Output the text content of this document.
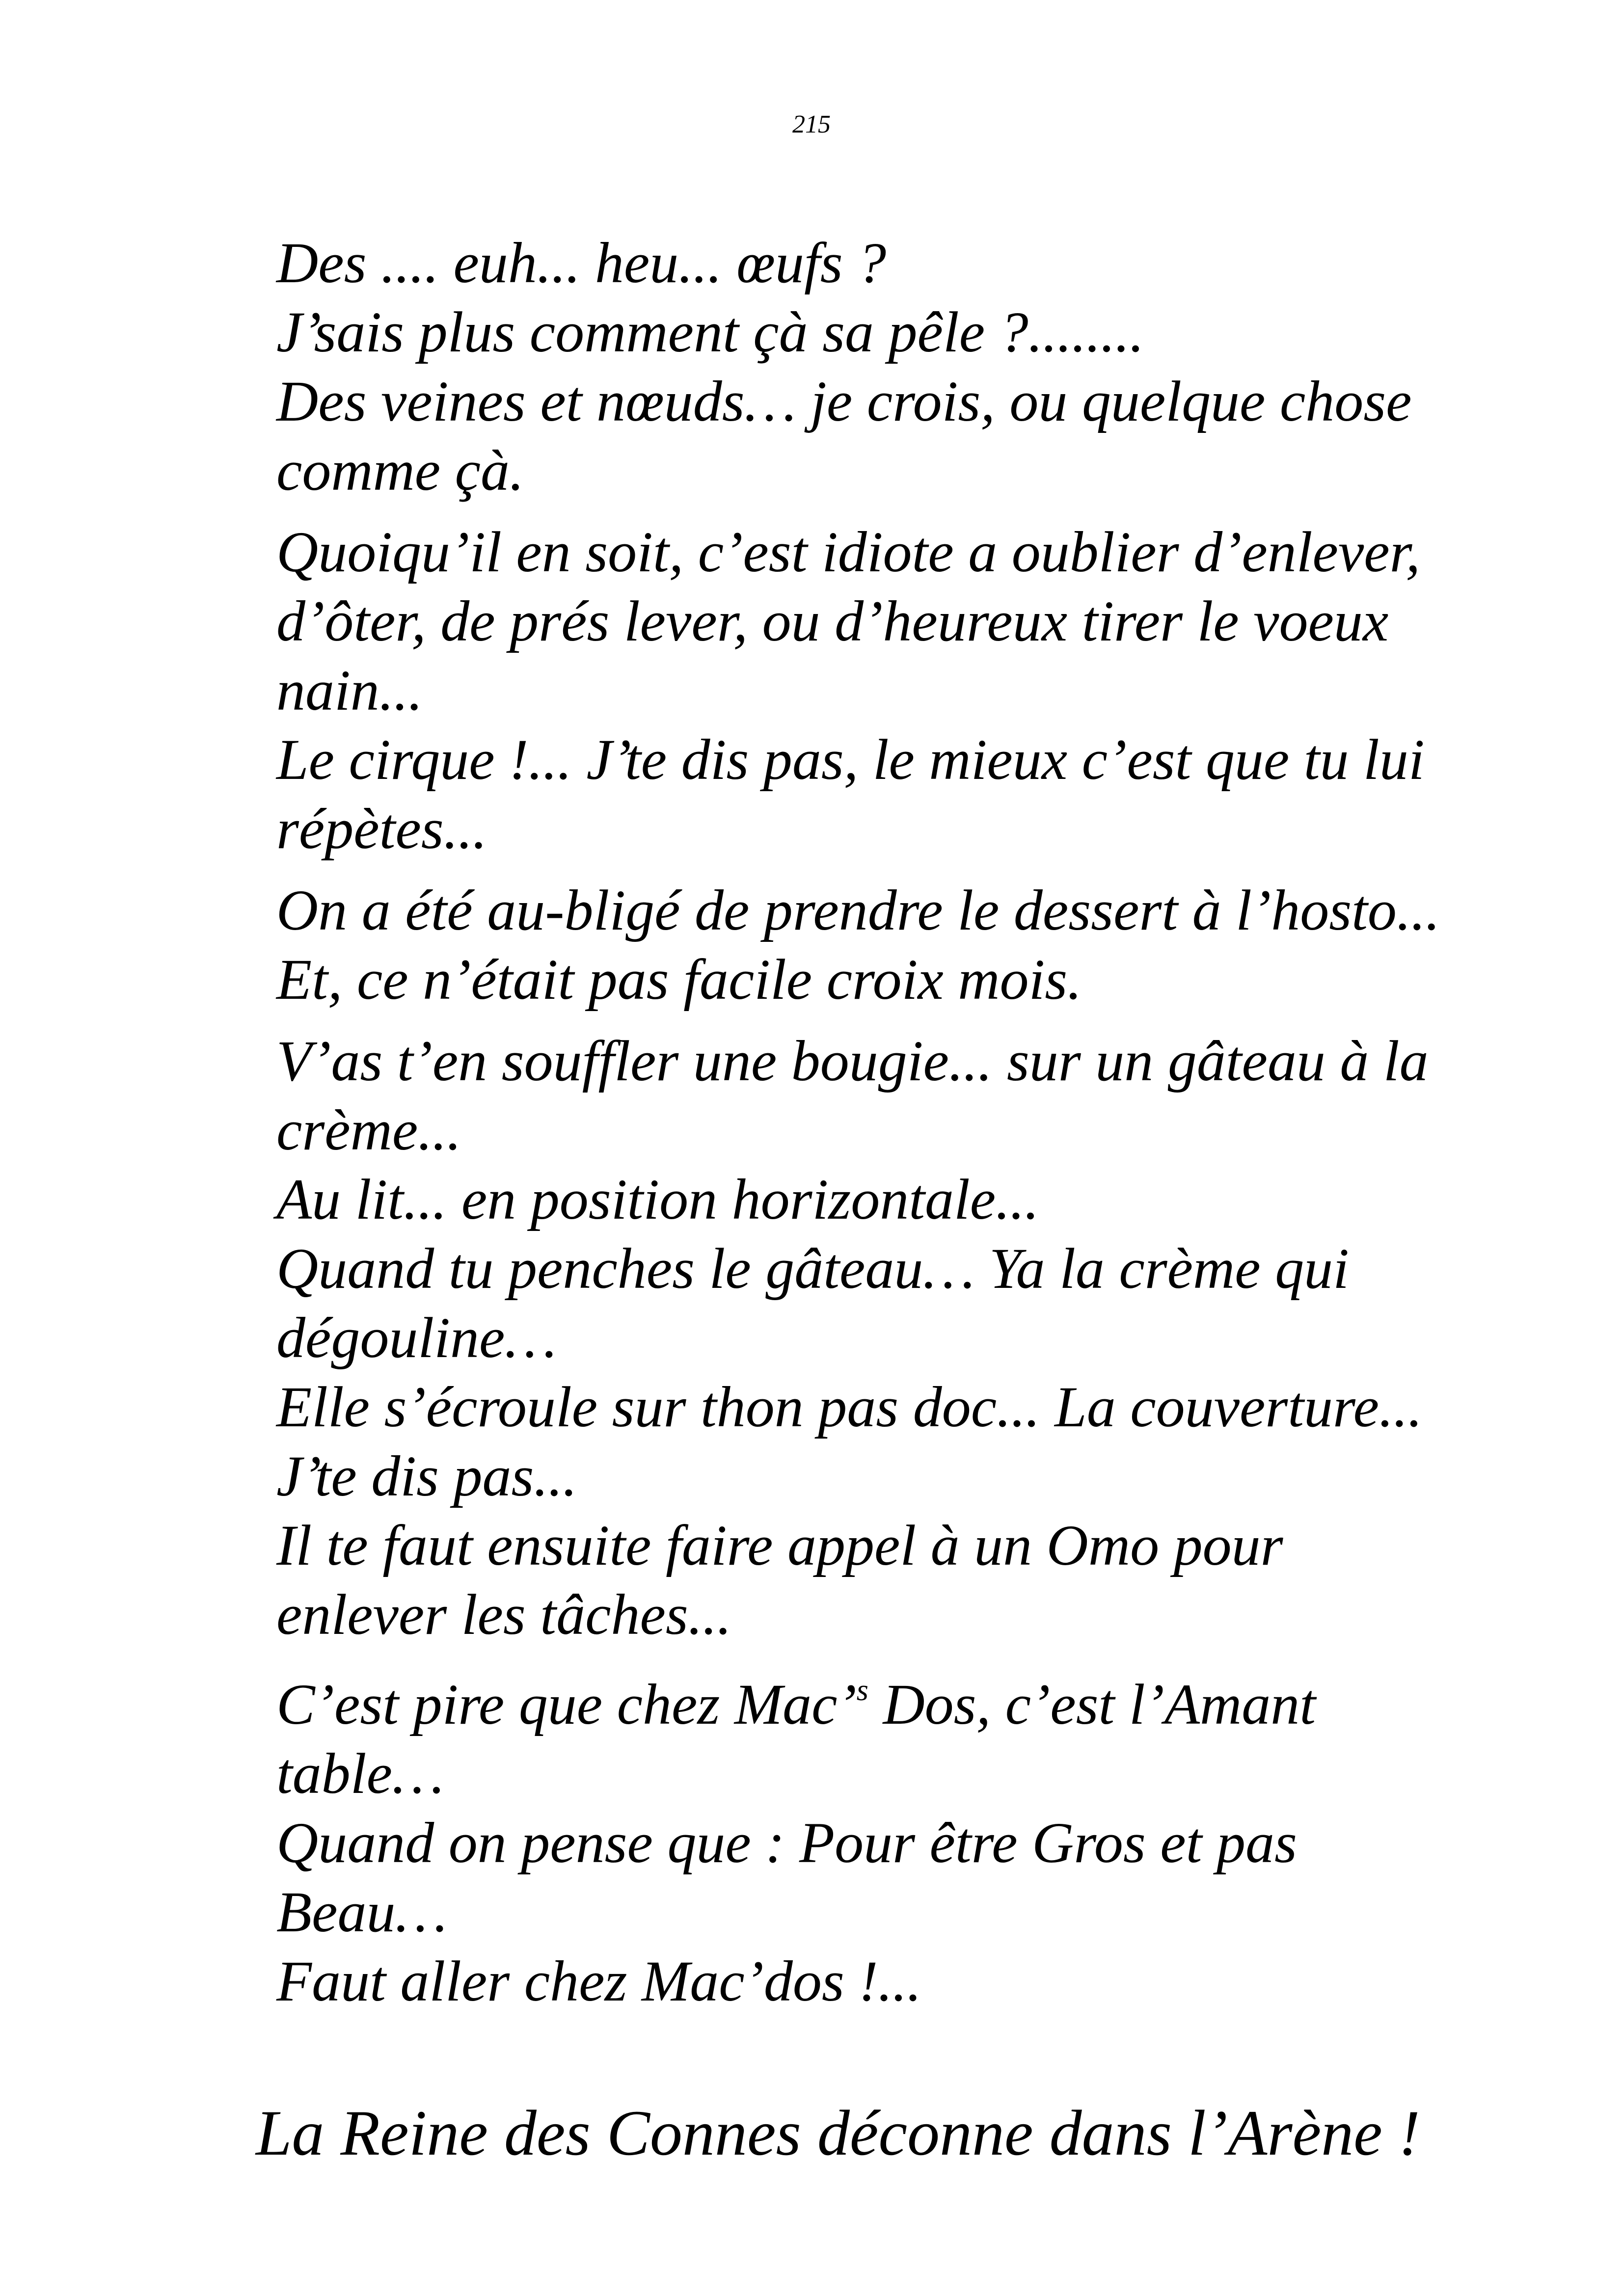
215

Des .... euh... heu... œufs ?
J’sais plus comment çà sa pêle ?........
Des veines et nœuds… je crois, ou quelque chose
comme çà.

Quoiqu’il en soit, c’est idiote a oublier d’enlever,
d’ôter, de prés lever, ou d’heureux tirer le voeux
nain...
Le cirque !... J’te dis pas, le mieux c’est que tu lui
répètes...

On a été au-bligé de prendre le dessert à l’hosto...
Et, ce n’était pas facile croix mois.

V’as t’en souffler une bougie... sur un gâteau à la
crème...
Au lit... en position horizontale...
Quand tu penches le gâteau… Ya la crème qui
dégouline…
Elle s’écroule sur thon pas doc... La couverture...
J’te dis pas...
Il te faut ensuite faire appel à un Omo pour
enlever les tâches...

C’est pire que chez Mac’$^s$ Dos, c’est l’Amant
table…
Quand on pense que : Pour être Gros et pas
Beau…
Faut aller chez Mac’dos !...

La Reine des Connes déconne dans l’Arène !
